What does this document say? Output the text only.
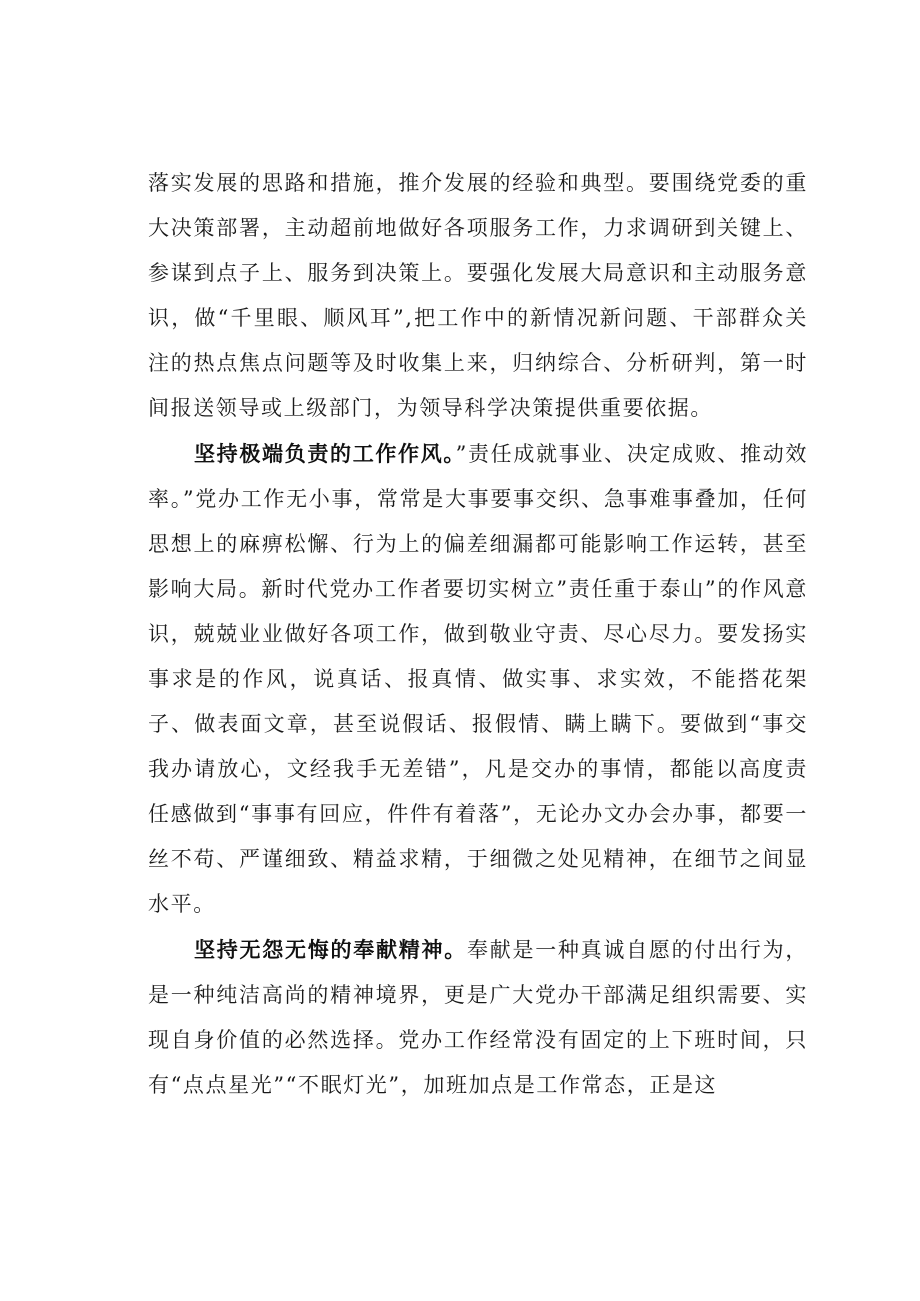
落实发展的思路和措施，推介发展的经验和典型。要围绕党委的重大决策部署，主动超前地做好各项服务工作，力求调研到关键上、参谋到点子上、服务到决策上。要强化发展大局意识和主动服务意识，做“千里眼、顺风耳”,把工作中的新情况新问题、干部群众关注的热点焦点问题等及时收集上来，归纳综合、分析研判，第一时间报送领导或上级部门，为领导科学决策提供重要依据。

坚持极端负责的工作作风。”责任成就事业、决定成败、推动效率。”党办工作无小事，常常是大事要事交织、急事难事叠加，任何思想上的麻痹松懈、行为上的偏差细漏都可能影响工作运转，甚至影响大局。新时代党办工作者要切实树立”责任重于泰山”的作风意识，兢兢业业做好各项工作，做到敬业守责、尽心尽力。要发扬实事求是的作风，说真话、报真情、做实事、求实效，不能搭花架子、做表面文章，甚至说假话、报假情、瞒上瞒下。要做到“事交我办请放心，文经我手无差错”，凡是交办的事情，都能以高度责任感做到“事事有回应，件件有着落”，无论办文办会办事，都要一丝不苟、严谨细致、精益求精，于细微之处见精神，在细节之间显水平。

坚持无怨无悔的奉献精神。奉献是一种真诚自愿的付出行为，是一种纯洁高尚的精神境界，更是广大党办干部满足组织需要、实现自身价值的必然选择。党办工作经常没有固定的上下班时间，只有“点点星光”“不眠灯光”，加班加点是工作常态，正是这
